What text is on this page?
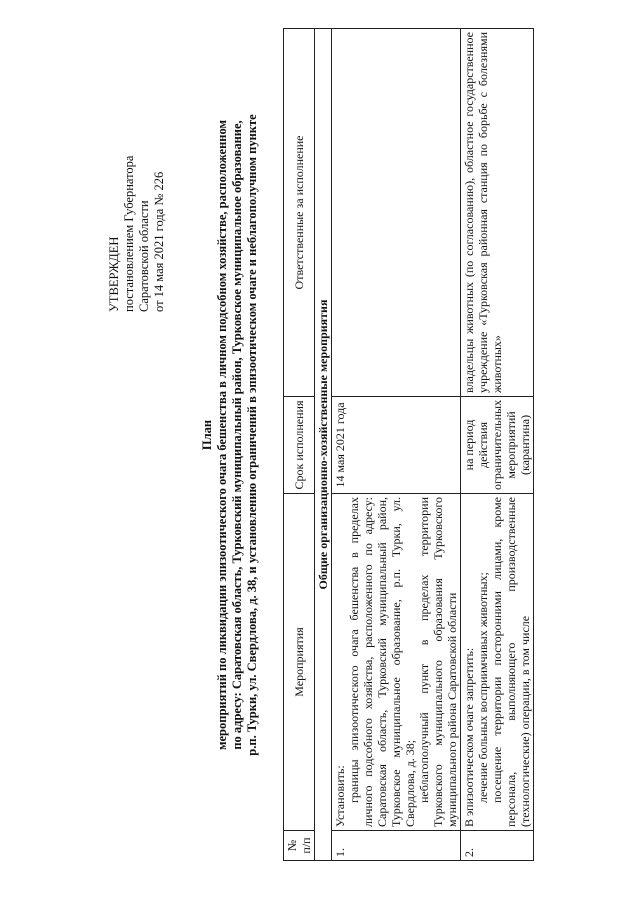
УТВЕРЖДЕН постановлением Губернатора Саратовской области от 14 мая 2021 года № 226
План мероприятий по ликвидации эпизоотического очага бешенства в личном подсобном хозяйстве, расположенном по адресу: Саратовская область, Турковский муниципальный район, Турковское муниципальное образование, р.п. Турки, ул. Свердлова, д. 38, и установлению ограничений в эпизоотическом очаге и неблагополучном пункте
№ п/п	Мероприятия	Срок исполнения	Ответственные за исполнение
Общие организационно-хозяйственные мероприятия			
1.	Установить: границы эпизоотического очага бешенства в пределах личного подсобного хозяйства, расположенного по адресу: Саратовская область, Турковский муниципальный район, Турковское муниципальное образование, р.п. Турки, ул. Свердлова, д. 38; неблагополучный пункт в пределах территории Турковского муниципального образования Турковского муниципального района Саратовской области	14 мая 2021 года	
2.	В эпизоотическом очаге запретить: лечение больных восприимчивых животных; посещение территории посторонними лицами, кроме персонала, выполняющего производственные (технологические) операции, в том числе	на период действия ограничительных мероприятий (карантина)	владельцы животных (по согласованию), областное государственное учреждение «Турковская районная станция по борьбе с болезнями животных»
